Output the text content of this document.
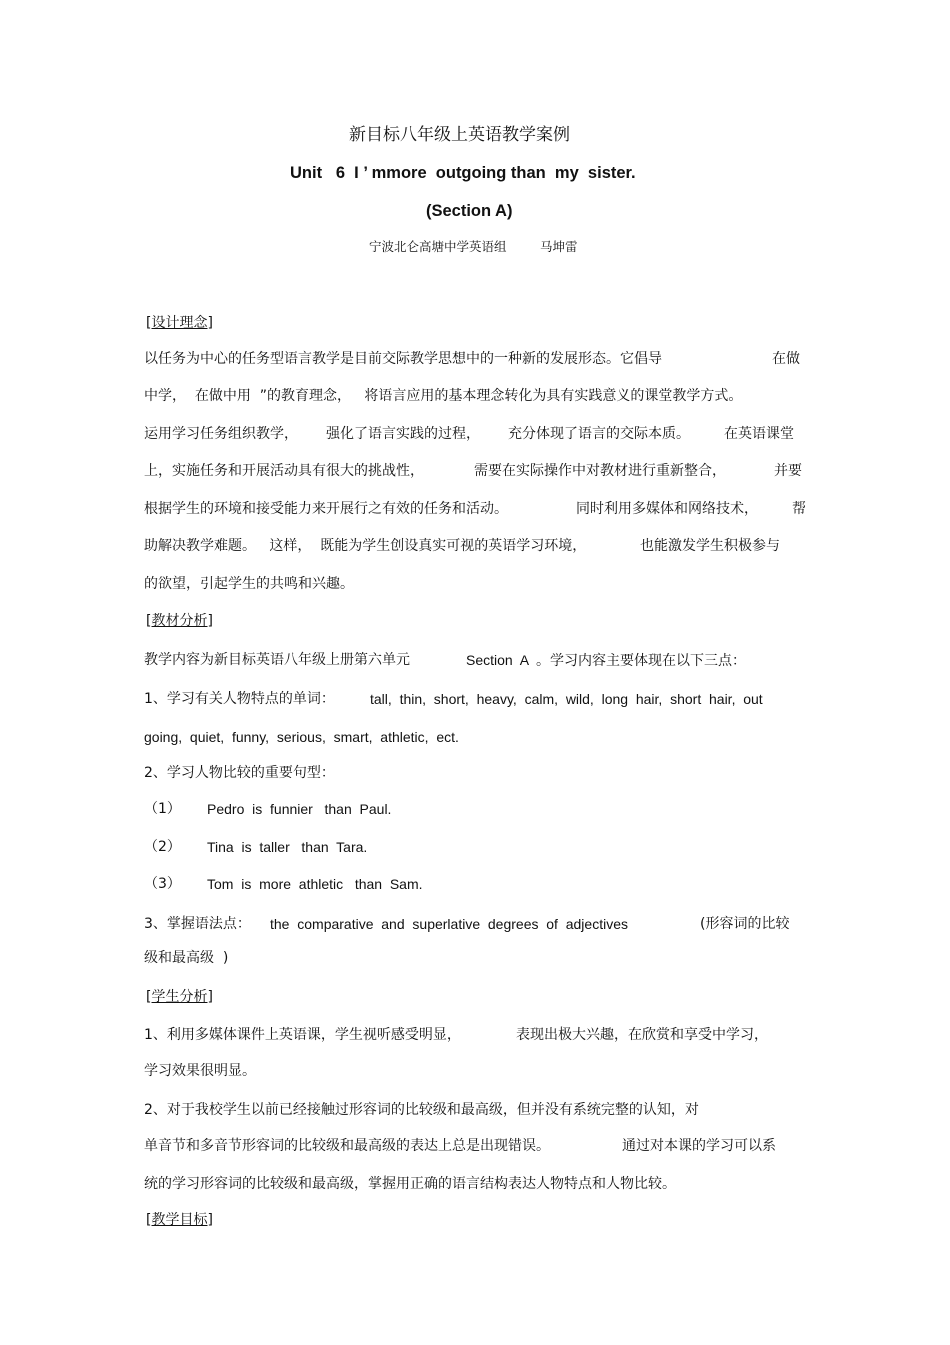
新目标八年级上英语教学案例
Unit   6  I ’ mmore  outgoing than  my  sister.
(Section A)
宁波北仑高塘中学英语组	马坤雷
[设计理念]
以任务为中心的任务型语言教学是目前交际教学思想中的一种新的发展形态。它倡导	在做
中学，  在做中用  ”的教育理念，   将语言应用的基本理念转化为具有实践意义的课堂教学方式。
运用学习任务组织教学， 强化了语言实践的过程， 充分体现了语言的交际本质。 在英语课堂
上，实施任务和开展活动具有很大的挑战性，	需要在实际操作中对教材进行重新整合，	并要
根据学生的环境和接受能力来开展行之有效的任务和活动。	同时利用多媒体和网络技术， 帮
助解决教学难题。   这样，  既能为学生创设真实可视的英语学习环境，	也能激发学生积极参与
的欲望，引起学生的共鸣和兴趣。
[教材分析]
教学内容为新目标英语八年级上册第六单元	Section  A  。学习内容主要体现在以下三点：
1、学习有关人物特点的单词：	tall,  thin,  short,  heavy,  calm,  wild,  long  hair,  short  hair,  out
going,  quiet,  funny,  serious,  smart,  athletic,  ect.
2、学习人物比较的重要句型：
（1） Pedro  is  funnier   than  Paul.
（2） Tina  is  taller   than  Tara.
（3） Tom  is  more  athletic   than  Sam.
3、掌握语法点： the  comparative  and  superlative  degrees  of  adjectives	(形容词的比较
级和最高级  )
[学生分析]
1、利用多媒体课件上英语课，学生视听感受明显，	表现出极大兴趣，在欣赏和享受中学习，
学习效果很明显。
2、对于我校学生以前已经接触过形容词的比较级和最高级，但并没有系统完整的认知，对
单音节和多音节形容词的比较级和最高级的表达上总是出现错误。	通过对本课的学习可以系
统的学习形容词的比较级和最高级，掌握用正确的语言结构表达人物特点和人物比较。
[教学目标]
